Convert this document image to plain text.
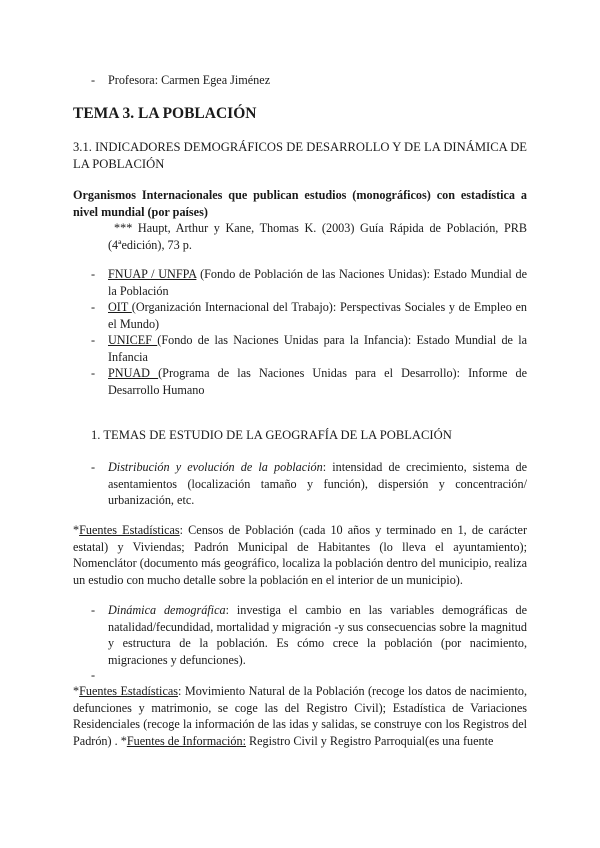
- Profesora: Carmen Egea Jiménez
TEMA 3. LA POBLACIÓN
3.1. INDICADORES DEMOGRÁFICOS DE DESARROLLO Y DE LA DINÁMICA DE LA POBLACIÓN
Organismos Internacionales que publican estudios (monográficos) con estadística a nivel mundial (por países)
*** Haupt, Arthur y Kane, Thomas K. (2003) Guía Rápida de Población, PRB (4ªedición), 73 p.
- FNUAP / UNFPA (Fondo de Población de las Naciones Unidas): Estado Mundial de la Población
- OIT (Organización Internacional del Trabajo): Perspectivas Sociales y de Empleo en el Mundo)
- UNICEF (Fondo de las Naciones Unidas para la Infancia): Estado Mundial de la Infancia
- PNUAD (Programa de las Naciones Unidas para el Desarrollo): Informe de Desarrollo Humano
1. TEMAS DE ESTUDIO DE LA GEOGRAFÍA DE LA POBLACIÓN
- Distribución y evolución de la población: intensidad de crecimiento, sistema de asentamientos (localización tamaño y función), dispersión y concentración/ urbanización, etc.
*Fuentes Estadísticas: Censos de Población (cada 10 años y terminado en 1, de carácter estatal) y Viviendas; Padrón Municipal de Habitantes (lo lleva el ayuntamiento); Nomenclátor (documento más geográfico, localiza la población dentro del municipio, realiza un estudio con mucho detalle sobre la población en el interior de un municipio).
- Dinámica demográfica: investiga el cambio en las variables demográficas de natalidad/fecundidad, mortalidad y migración -y sus consecuencias sobre la magnitud y estructura de la población. Es cómo crece la población (por nacimiento, migraciones y defunciones).
-
*Fuentes Estadísticas: Movimiento Natural de la Población (recoge los datos de nacimiento, defunciones y matrimonio, se coge las del Registro Civil); Estadística de Variaciones Residenciales (recoge la información de las idas y salidas, se construye con los Registros del Padrón) . *Fuentes de Información: Registro Civil y Registro Parroquial(es una fuente
